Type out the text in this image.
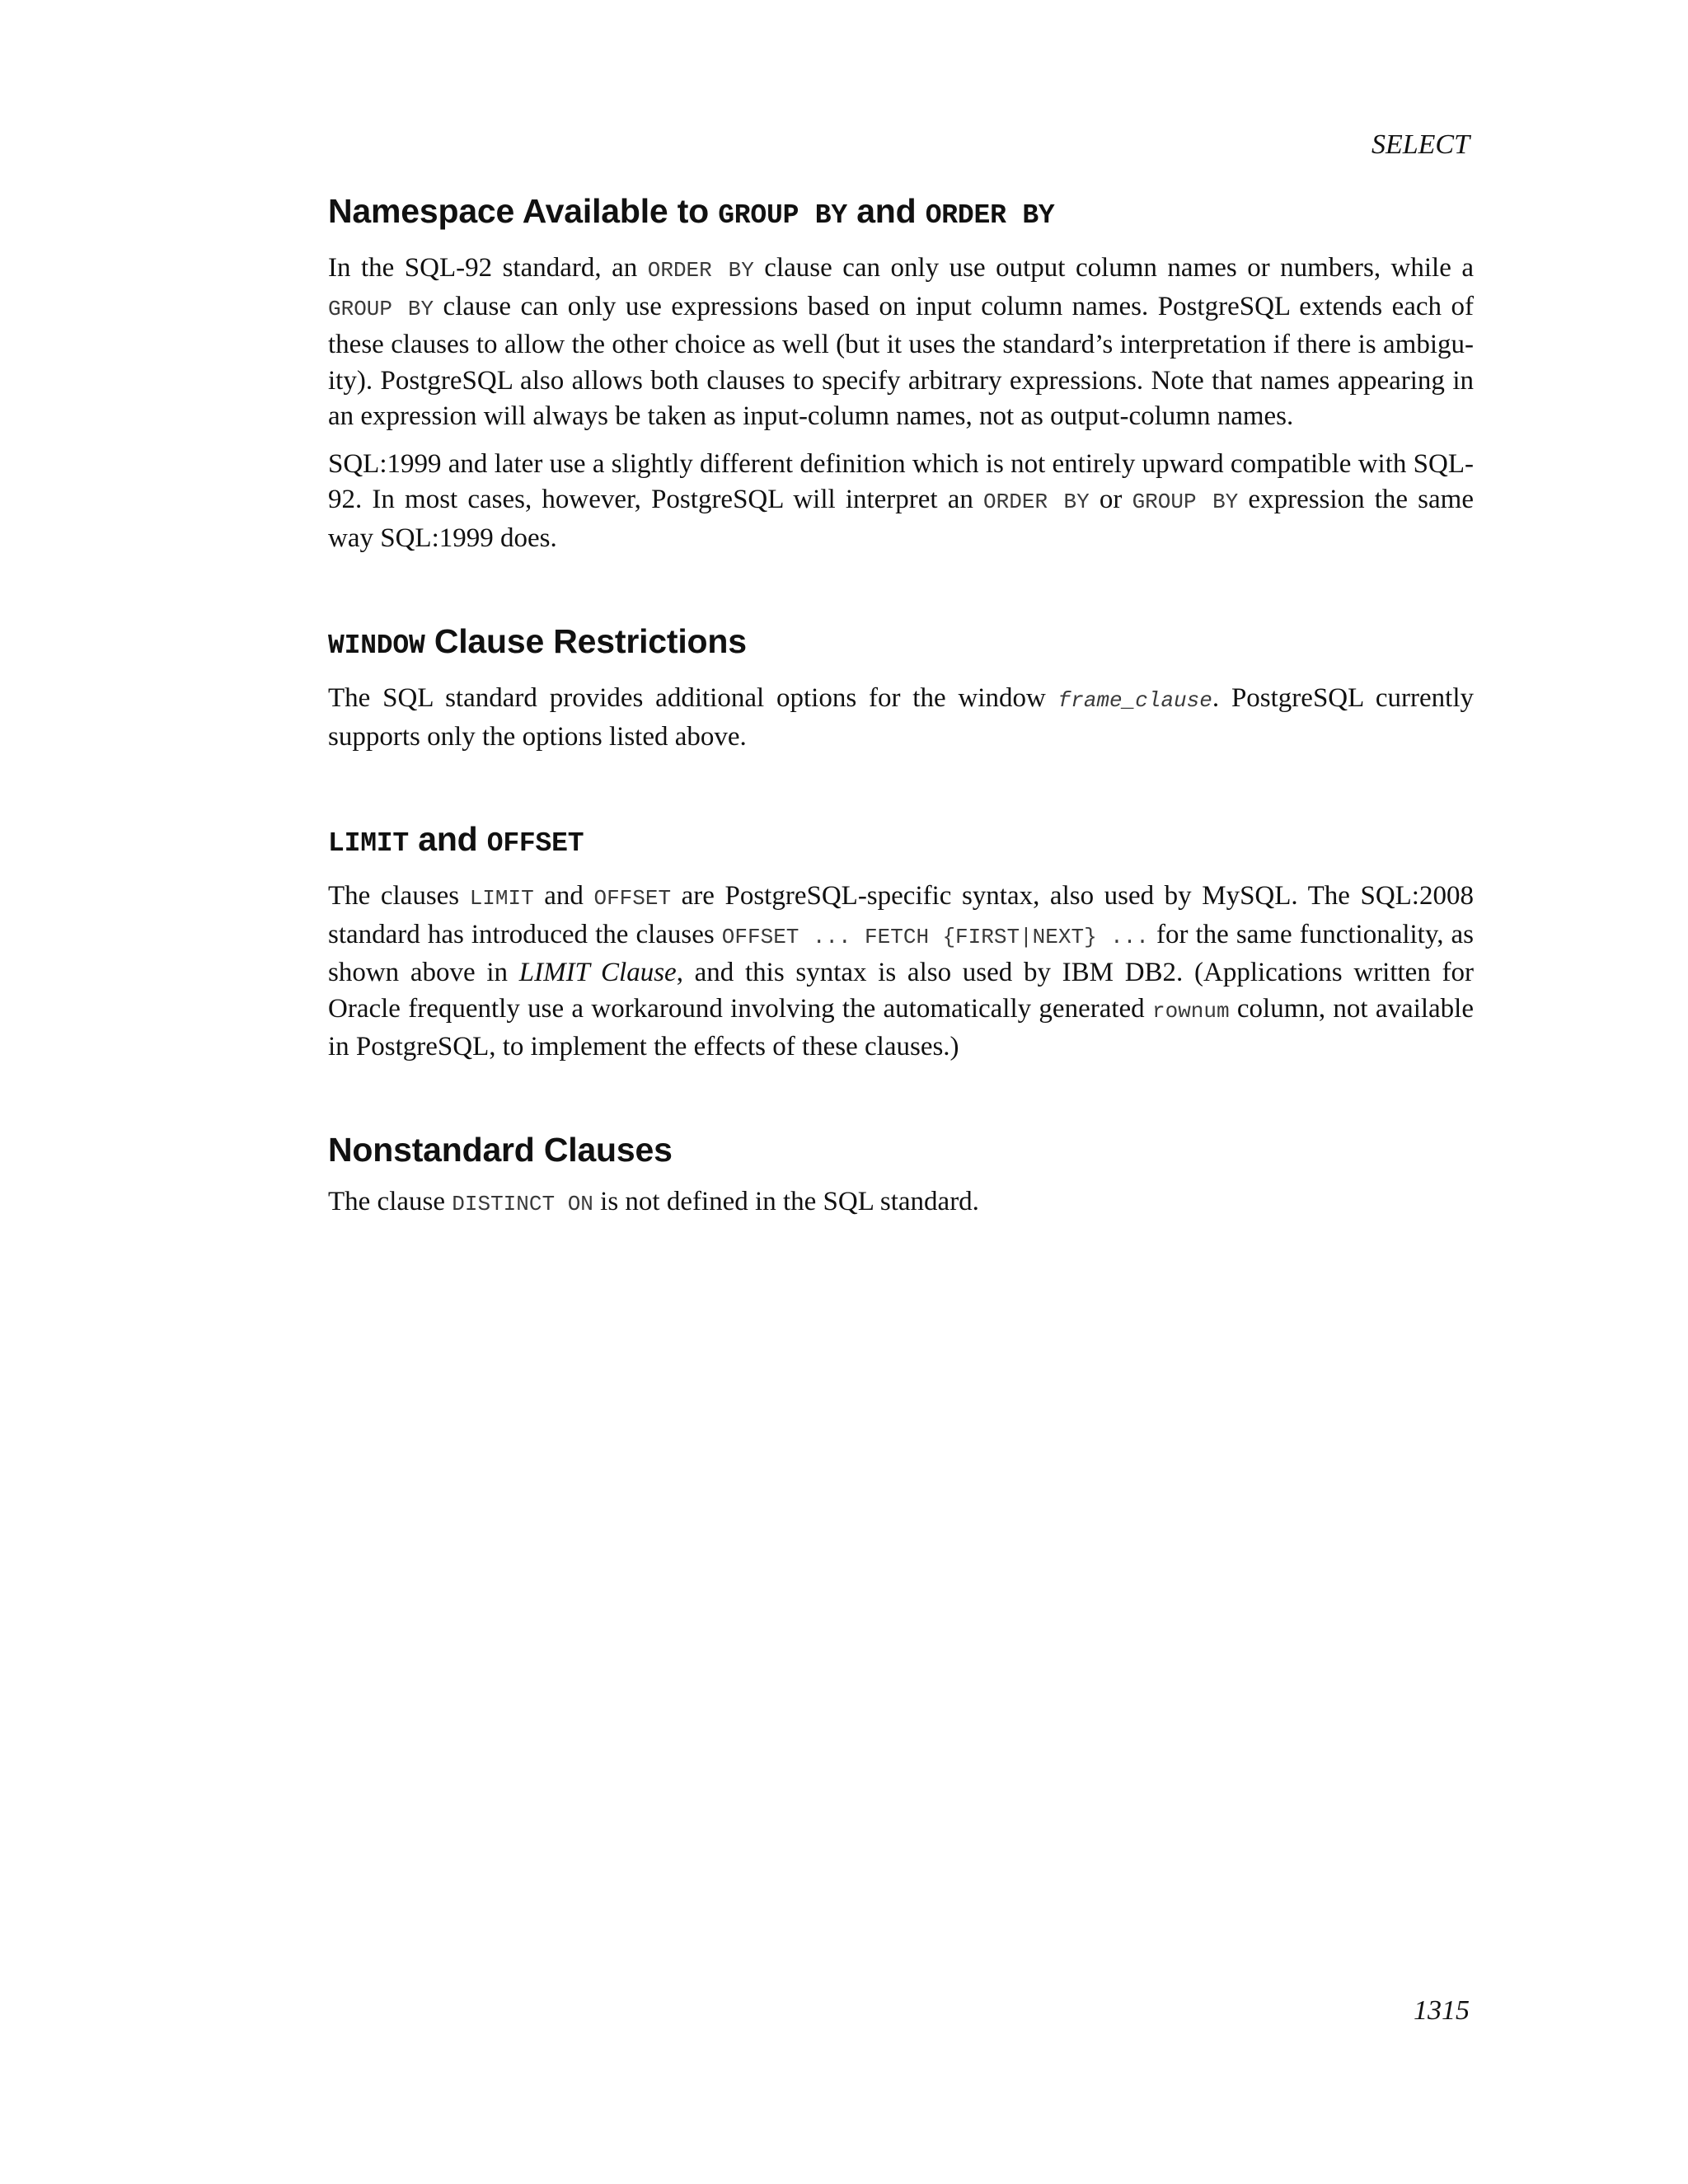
SELECT
Namespace Available to GROUP BY and ORDER BY

In the SQL-92 standard, an ORDER BY clause can only use output column names or numbers, while a GROUP BY clause can only use expressions based on input column names. PostgreSQL extends each of these clauses to allow the other choice as well (but it uses the standard’s interpretation if there is ambiguity). PostgreSQL also allows both clauses to specify arbitrary expressions. Note that names appearing in an expression will always be taken as input-column names, not as output-column names.

SQL:1999 and later use a slightly different definition which is not entirely upward compatible with SQL-92. In most cases, however, PostgreSQL will interpret an ORDER BY or GROUP BY expression the same way SQL:1999 does.

WINDOW Clause Restrictions

The SQL standard provides additional options for the window frame_clause. PostgreSQL currently supports only the options listed above.

LIMIT and OFFSET

The clauses LIMIT and OFFSET are PostgreSQL-specific syntax, also used by MySQL. The SQL:2008 standard has introduced the clauses OFFSET ... FETCH {FIRST|NEXT} ... for the same functionality, as shown above in LIMIT Clause, and this syntax is also used by IBM DB2. (Applications written for Oracle frequently use a workaround involving the automatically generated rownum column, not available in PostgreSQL, to implement the effects of these clauses.)

Nonstandard Clauses

The clause DISTINCT ON is not defined in the SQL standard.

1315
